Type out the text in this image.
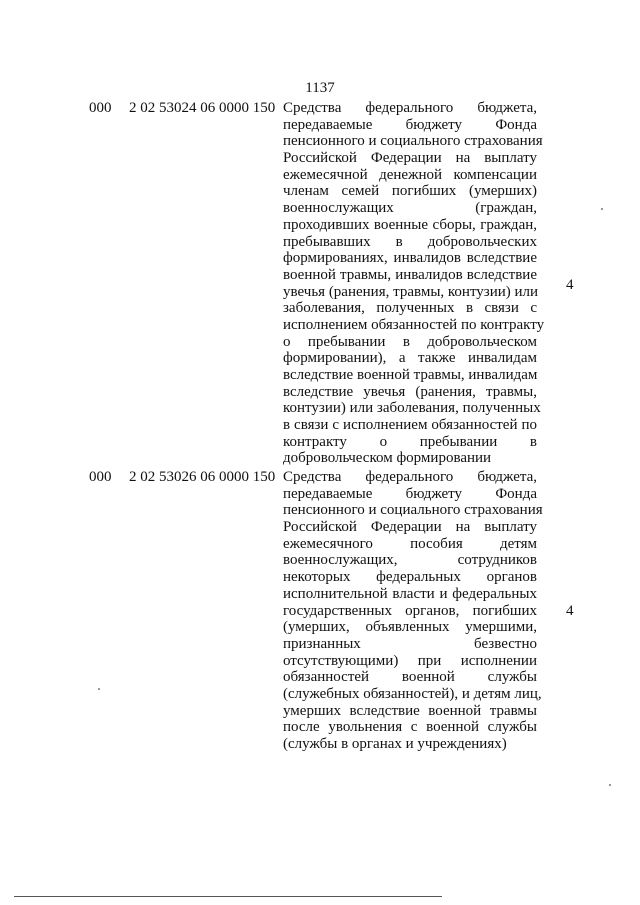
1137
000 2 02 53024 06 0000 150 Средства федерального бюджета,
передаваемые бюджету Фонда
пенсионного и социального страхования
Российской Федерации на выплату
ежемесячной денежной компенсации
членам семей погибших (умерших)
военнослужащих (граждан,
проходивших военные сборы, граждан,
пребывавших в добровольческих
формированиях, инвалидов вследствие
военной травмы, инвалидов вследствие
увечья (ранения, травмы, контузии) или
заболевания, полученных в связи с
исполнением обязанностей по контракту
о пребывании в добровольческом
формировании), а также инвалидам
вследствие военной травмы, инвалидам
вследствие увечья (ранения, травмы,
контузии) или заболевания, полученных
в связи с исполнением обязанностей по
контракту о пребывании в
добровольческом формировании
4
000 2 02 53026 06 0000 150 Средства федерального бюджета,
передаваемые бюджету Фонда
пенсионного и социального страхования
Российской Федерации на выплату
ежемесячного пособия детям
военнослужащих, сотрудников
некоторых федеральных органов
исполнительной власти и федеральных
государственных органов, погибших
(умерших, объявленных умершими,
признанных безвестно
отсутствующими) при исполнении
обязанностей военной службы
(служебных обязанностей), и детям лиц,
умерших вследствие военной травмы
после увольнения с военной службы
(службы в органах и учреждениях)
4
